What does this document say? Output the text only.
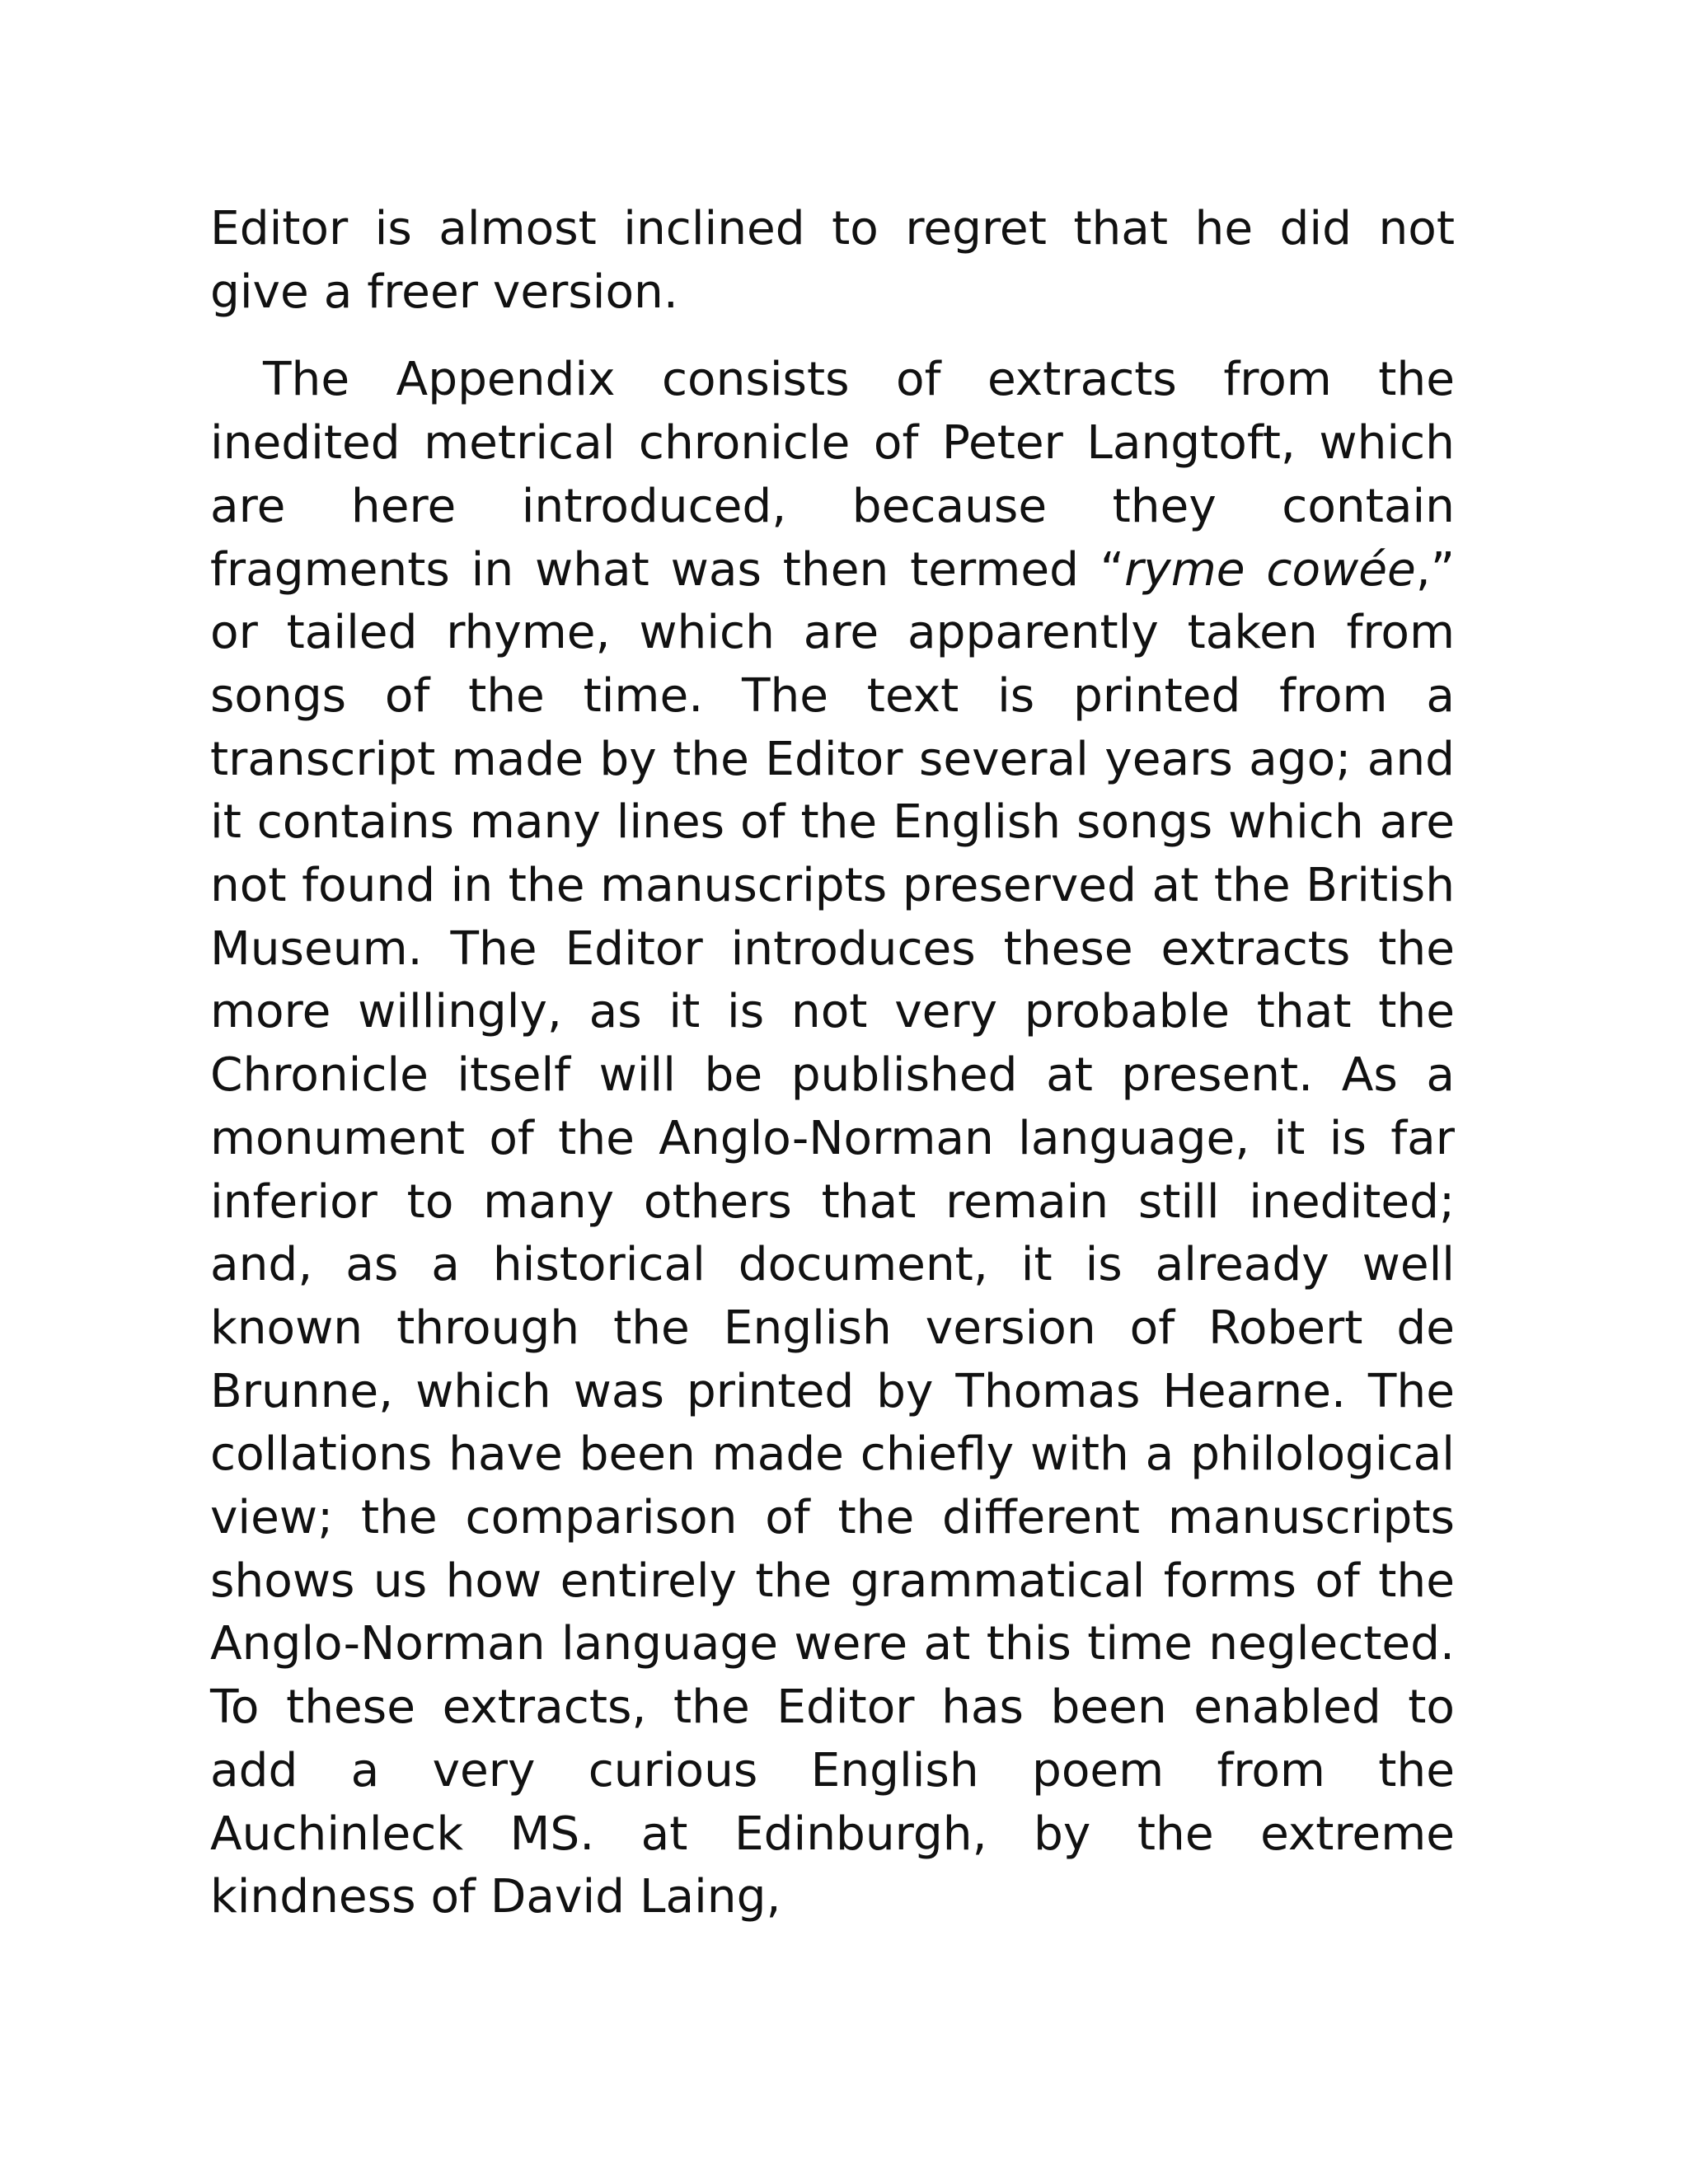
Editor is almost inclined to regret that he did not give a freer version.

The Appendix consists of extracts from the inedited metrical chronicle of Peter Langtoft, which are here introduced, because they contain fragments in what was then termed “ryme cowée,” or tailed rhyme, which are apparently taken from songs of the time. The text is printed from a transcript made by the Editor several years ago; and it contains many lines of the English songs which are not found in the manuscripts preserved at the British Museum. The Editor introduces these extracts the more willingly, as it is not very probable that the Chronicle itself will be published at present. As a monument of the Anglo-Norman language, it is far inferior to many others that remain still inedited; and, as a historical document, it is already well known through the English version of Robert de Brunne, which was printed by Thomas Hearne. The collations have been made chiefly with a philological view; the comparison of the different manuscripts shows us how entirely the grammatical forms of the Anglo-Norman language were at this time neglected. To these extracts, the Editor has been enabled to add a very curious English poem from the Auchinleck MS. at Edinburgh, by the extreme kindness of David Laing,
